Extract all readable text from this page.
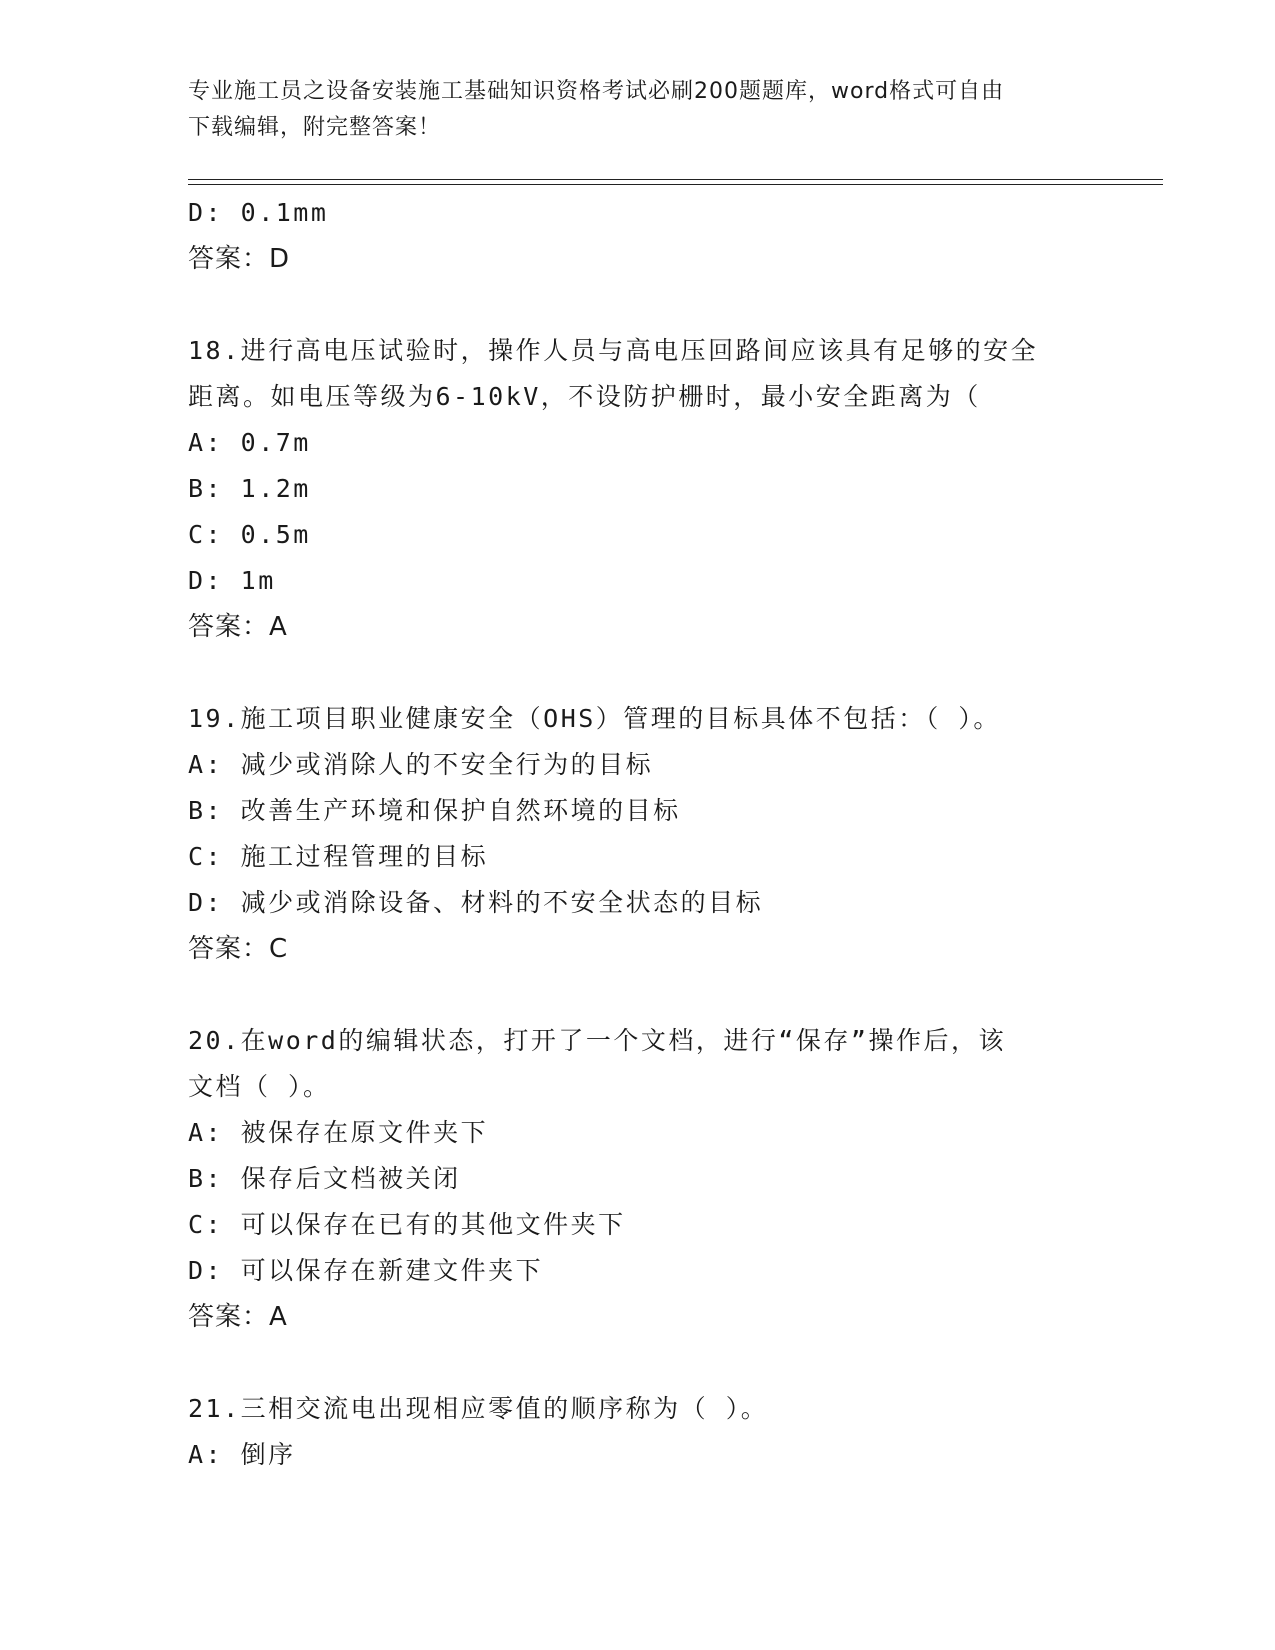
专业施工员之设备安装施工基础知识资格考试必刷200题题库，word格式可自由
下载编辑，附完整答案！
D: 0.1mm
答案：D
18.进行高电压试验时，操作人员与高电压回路间应该具有足够的安全
距离。如电压等级为6-10kV，不设防护栅时，最小安全距离为（
A: 0.7m
B: 1.2m
C: 0.5m
D: 1m
答案：A
19.施工项目职业健康安全（OHS）管理的目标具体不包括：（ ）。
A: 减少或消除人的不安全行为的目标
B: 改善生产环境和保护自然环境的目标
C: 施工过程管理的目标
D: 减少或消除设备、材料的不安全状态的目标
答案：C
20.在word的编辑状态，打开了一个文档，进行“保存”操作后，该
文档（ ）。
A: 被保存在原文件夹下
B: 保存后文档被关闭
C: 可以保存在已有的其他文件夹下
D: 可以保存在新建文件夹下
答案：A
21.三相交流电出现相应零值的顺序称为（ ）。
A: 倒序
